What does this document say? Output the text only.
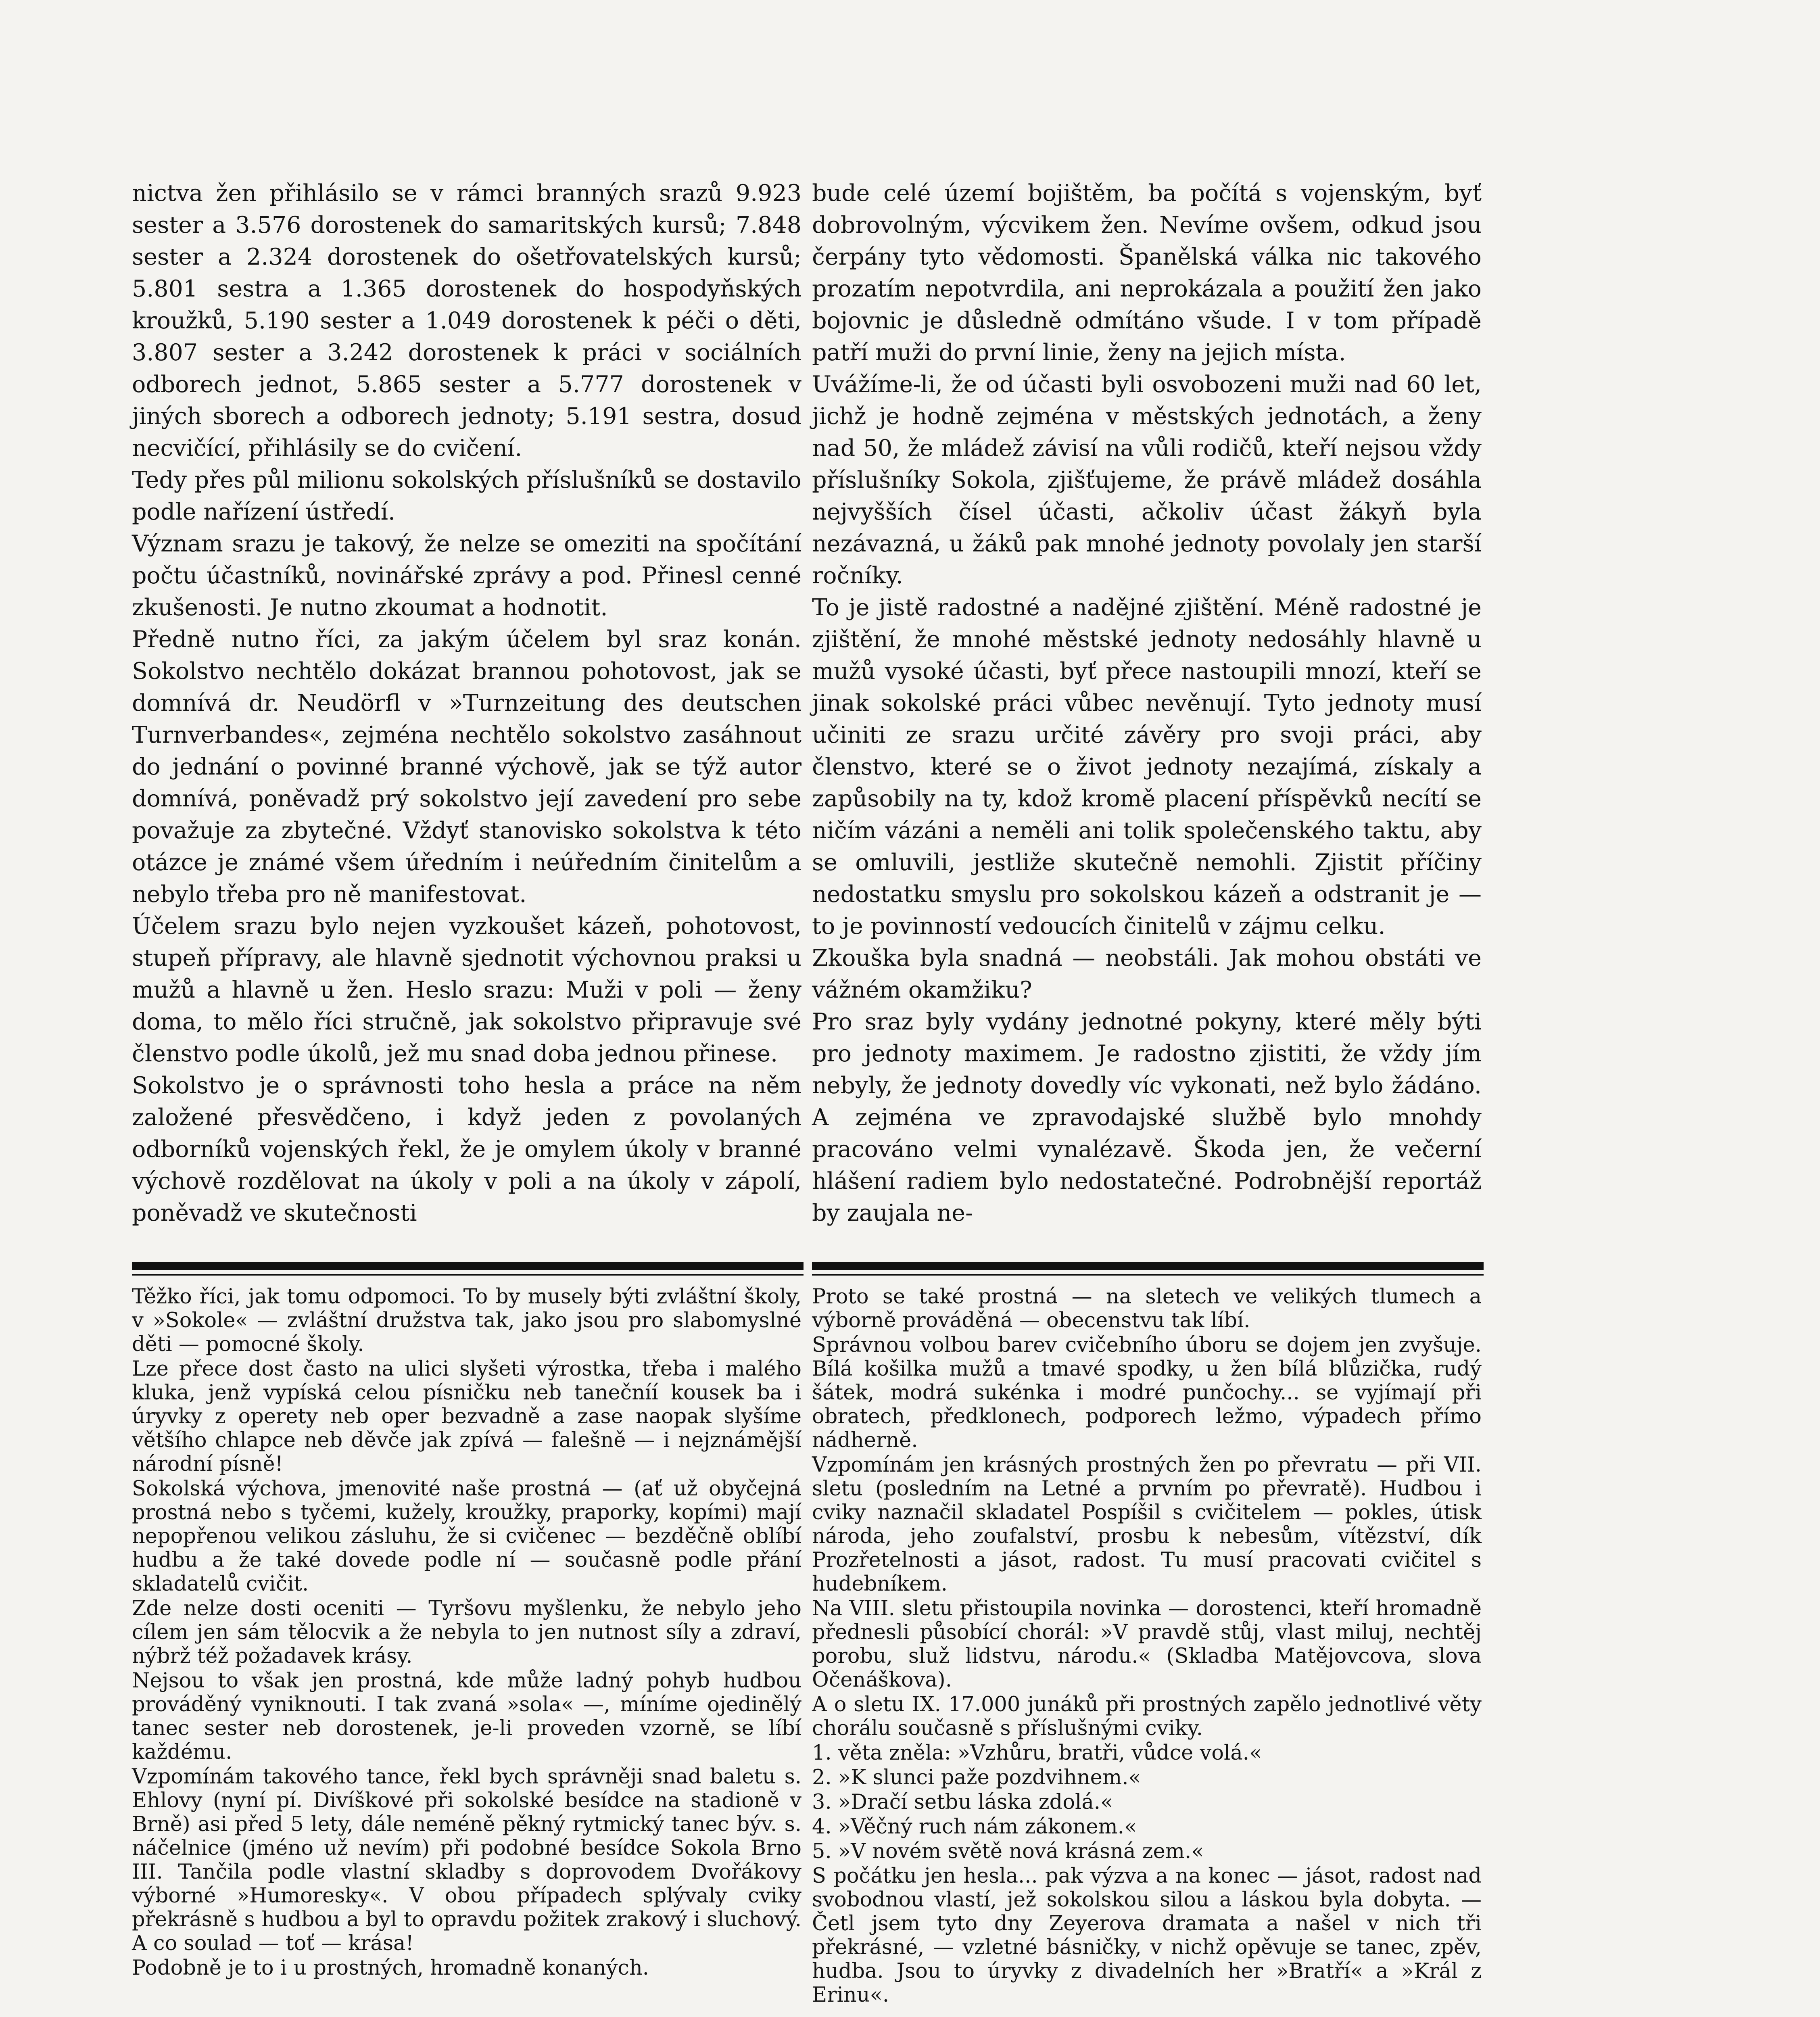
nictva žen přihlásilo se v rámci branných srazů 9.923 sester a 3.576 dorostenek do samaritských kursů; 7.848 sester a 2.324 dorostenek do ošetřovatelských kursů; 5.801 sestra a 1.365 dorostenek do hospodyňských kroužků, 5.190 sester a 1.049 dorostenek k péči o děti, 3.807 sester a 3.242 dorostenek k práci v sociálních odborech jednot, 5.865 sester a 5.777 dorostenek v jiných sborech a odborech jednoty; 5.191 sestra, dosud necvičící, přihlásily se do cvičení.

Tedy přes půl milionu sokolských příslušníků se dostavilo podle nařízení ústředí.

Význam srazu je takový, že nelze se omeziti na spočítání počtu účastníků, novinářské zprávy a pod. Přinesl cenné zkušenosti. Je nutno zkoumat a hodnotit.

Předně nutno říci, za jakým účelem byl sraz konán. Sokolstvo nechtělo dokázat brannou pohotovost, jak se domnívá dr. Neudörfl v »Turnzeitung des deutschen Turnverbandes«, zejména nechtělo sokolstvo zasáhnout do jednání o povinné branné výchově, jak se týž autor domnívá, poněvadž prý sokolstvo její zavedení pro sebe považuje za zbytečné. Vždyť stanovisko sokolstva k této otázce je známé všem úředním i neúředním činitelům a nebylo třeba pro ně manifestovat.

Účelem srazu bylo nejen vyzkoušet kázeň, pohotovost, stupeň přípravy, ale hlavně sjednotit výchovnou praksi u mužů a hlavně u žen. Heslo srazu: Muži v poli — ženy doma, to mělo říci stručně, jak sokolstvo připravuje své členstvo podle úkolů, jež mu snad doba jednou přinese.

Sokolstvo je o správnosti toho hesla a práce na něm založené přesvědčeno, i když jeden z povolaných odborníků vojenských řekl, že je omylem úkoly v branné výchově rozdělovat na úkoly v poli a na úkoly v zápolí, poněvadž ve skutečnosti

bude celé území bojištěm, ba počítá s vojenským, byť dobrovolným, výcvikem žen. Nevíme ovšem, odkud jsou čerpány tyto vědomosti. Španělská válka nic takového prozatím nepotvrdila, ani neprokázala a použití žen jako bojovnic je důsledně odmítáno všude. I v tom případě patří muži do první linie, ženy na jejich místa.

Uvážíme-li, že od účasti byli osvobozeni muži nad 60 let, jichž je hodně zejména v městských jednotách, a ženy nad 50, že mládež závisí na vůli rodičů, kteří nejsou vždy příslušníky Sokola, zjišťujeme, že právě mládež dosáhla nejvyšších čísel účasti, ačkoliv účast žákyň byla nezávazná, u žáků pak mnohé jednoty povolaly jen starší ročníky.

To je jistě radostné a nadějné zjištění. Méně radostné je zjištění, že mnohé městské jednoty nedosáhly hlavně u mužů vysoké účasti, byť přece nastoupili mnozí, kteří se jinak sokolské práci vůbec nevěnují. Tyto jednoty musí učiniti ze srazu určité závěry pro svoji práci, aby členstvo, které se o život jednoty nezajímá, získaly a zapůsobily na ty, kdož kromě placení příspěvků necítí se ničím vázáni a neměli ani tolik společenského taktu, aby se omluvili, jestliže skutečně nemohli. Zjistit příčiny nedostatku smyslu pro sokolskou kázeň a odstranit je — to je povinností vedoucích činitelů v zájmu celku.

Zkouška byla snadná — neobstáli. Jak mohou obstáti ve vážném okamžiku?

Pro sraz byly vydány jednotné pokyny, které měly býti pro jednoty maximem. Je radostno zjistiti, že vždy jím nebyly, že jednoty dovedly víc vykonati, než bylo žádáno. A zejména ve zpravodajské službě bylo mnohdy pracováno velmi vynalézavě. Škoda jen, že večerní hlášení radiem bylo nedostatečné. Podrobnější reportáž by zaujala ne-

Těžko říci, jak tomu odpomoci. To by musely býti zvláštní školy, v »Sokole« — zvláštní družstva tak, jako jsou pro slabomyslné děti — pomocné školy.

Lze přece dost často na ulici slyšeti výrostka, třeba i malého kluka, jenž vypíská celou písničku neb tanečníí kousek ba i úryvky z operety neb oper bezvadně a zase naopak slyšíme většího chlapce neb děvče jak zpívá — falešně — i nejznámější národní písně!

Sokolská výchova, jmenovité naše prostná — (ať už obyčejná prostná nebo s tyčemi, kužely, kroužky, praporky, kopími) mají nepopřenou velikou zásluhu, že si cvičenec — bezděčně oblíbí hudbu a že také dovede podle ní — současně podle přání skladatelů cvičit.

Zde nelze dosti oceniti — Tyršovu myšlenku, že nebylo jeho cílem jen sám tělocvik a že nebyla to jen nutnost síly a zdraví, nýbrž též požadavek krásy.

Nejsou to však jen prostná, kde může ladný pohyb hudbou prováděný vyniknouti. I tak zvaná »sola« —, míníme ojedinělý tanec sester neb dorostenek, je-li proveden vzorně, se líbí každému.

Vzpomínám takového tance, řekl bych správněji snad baletu s. Ehlovy (nyní pí. Divíškové při sokolské besídce na stadioně v Brně) asi před 5 lety, dále neméně pěkný rytmický tanec býv. s. náčelnice (jméno už nevím) při podobné besídce Sokola Brno III. Tančila podle vlastní skladby s doprovodem Dvořákovy výborné »Humoresky«. V obou případech splývaly cviky překrásně s hudbou a byl to opravdu požitek zrakový i sluchový. A co soulad — toť — krása!

Podobně je to i u prostných, hromadně konaných.

Proto se také prostná — na sletech ve velikých tlumech a výborně prováděná — obecenstvu tak líbí.

Správnou volbou barev cvičebního úboru se dojem jen zvyšuje. Bílá košilka mužů a tmavé spodky, u žen bílá blůzička, rudý šátek, modrá sukénka i modré punčochy... se vyjímají při obratech, předklonech, podporech ležmo, výpadech přímo nádherně.

Vzpomínám jen krásných prostných žen po převratu — při VII. sletu (posledním na Letné a prvním po převratě). Hudbou i cviky naznačil skladatel Pospíšil s cvičitelem — pokles, útisk národa, jeho zoufalství, prosbu k nebesům, vítězství, dík Prozřetelnosti a jásot, radost. Tu musí pracovati cvičitel s hudebníkem.

Na VIII. sletu přistoupila novinka — dorostenci, kteří hromadně přednesli působící chorál: »V pravdě stůj, vlast miluj, nechtěj porobu, služ lidstvu, národu.« (Skladba Matějovcova, slova Očenáškova).

A o sletu IX. 17.000 junáků při prostných zapělo jednotlivé věty chorálu současně s příslušnými cviky.

1. věta zněla: »Vzhůru, bratři, vůdce volá.«

2. »K slunci paže pozdvihnem.«

3. »Dračí setbu láska zdolá.«

4. »Věčný ruch nám zákonem.«

5. »V novém světě nová krásná zem.«

S počátku jen hesla... pak výzva a na konec — jásot, radost nad svobodnou vlastí, jež sokolskou silou a láskou byla dobyta. — Četl jsem tyto dny Zeyerova dramata a našel v nich tři překrásné, — vzletné básničky, v nichž opěvuje se tanec, zpěv, hudba. Jsou to úryvky z divadelních her »Bratří« a »Král z Erinu«.
